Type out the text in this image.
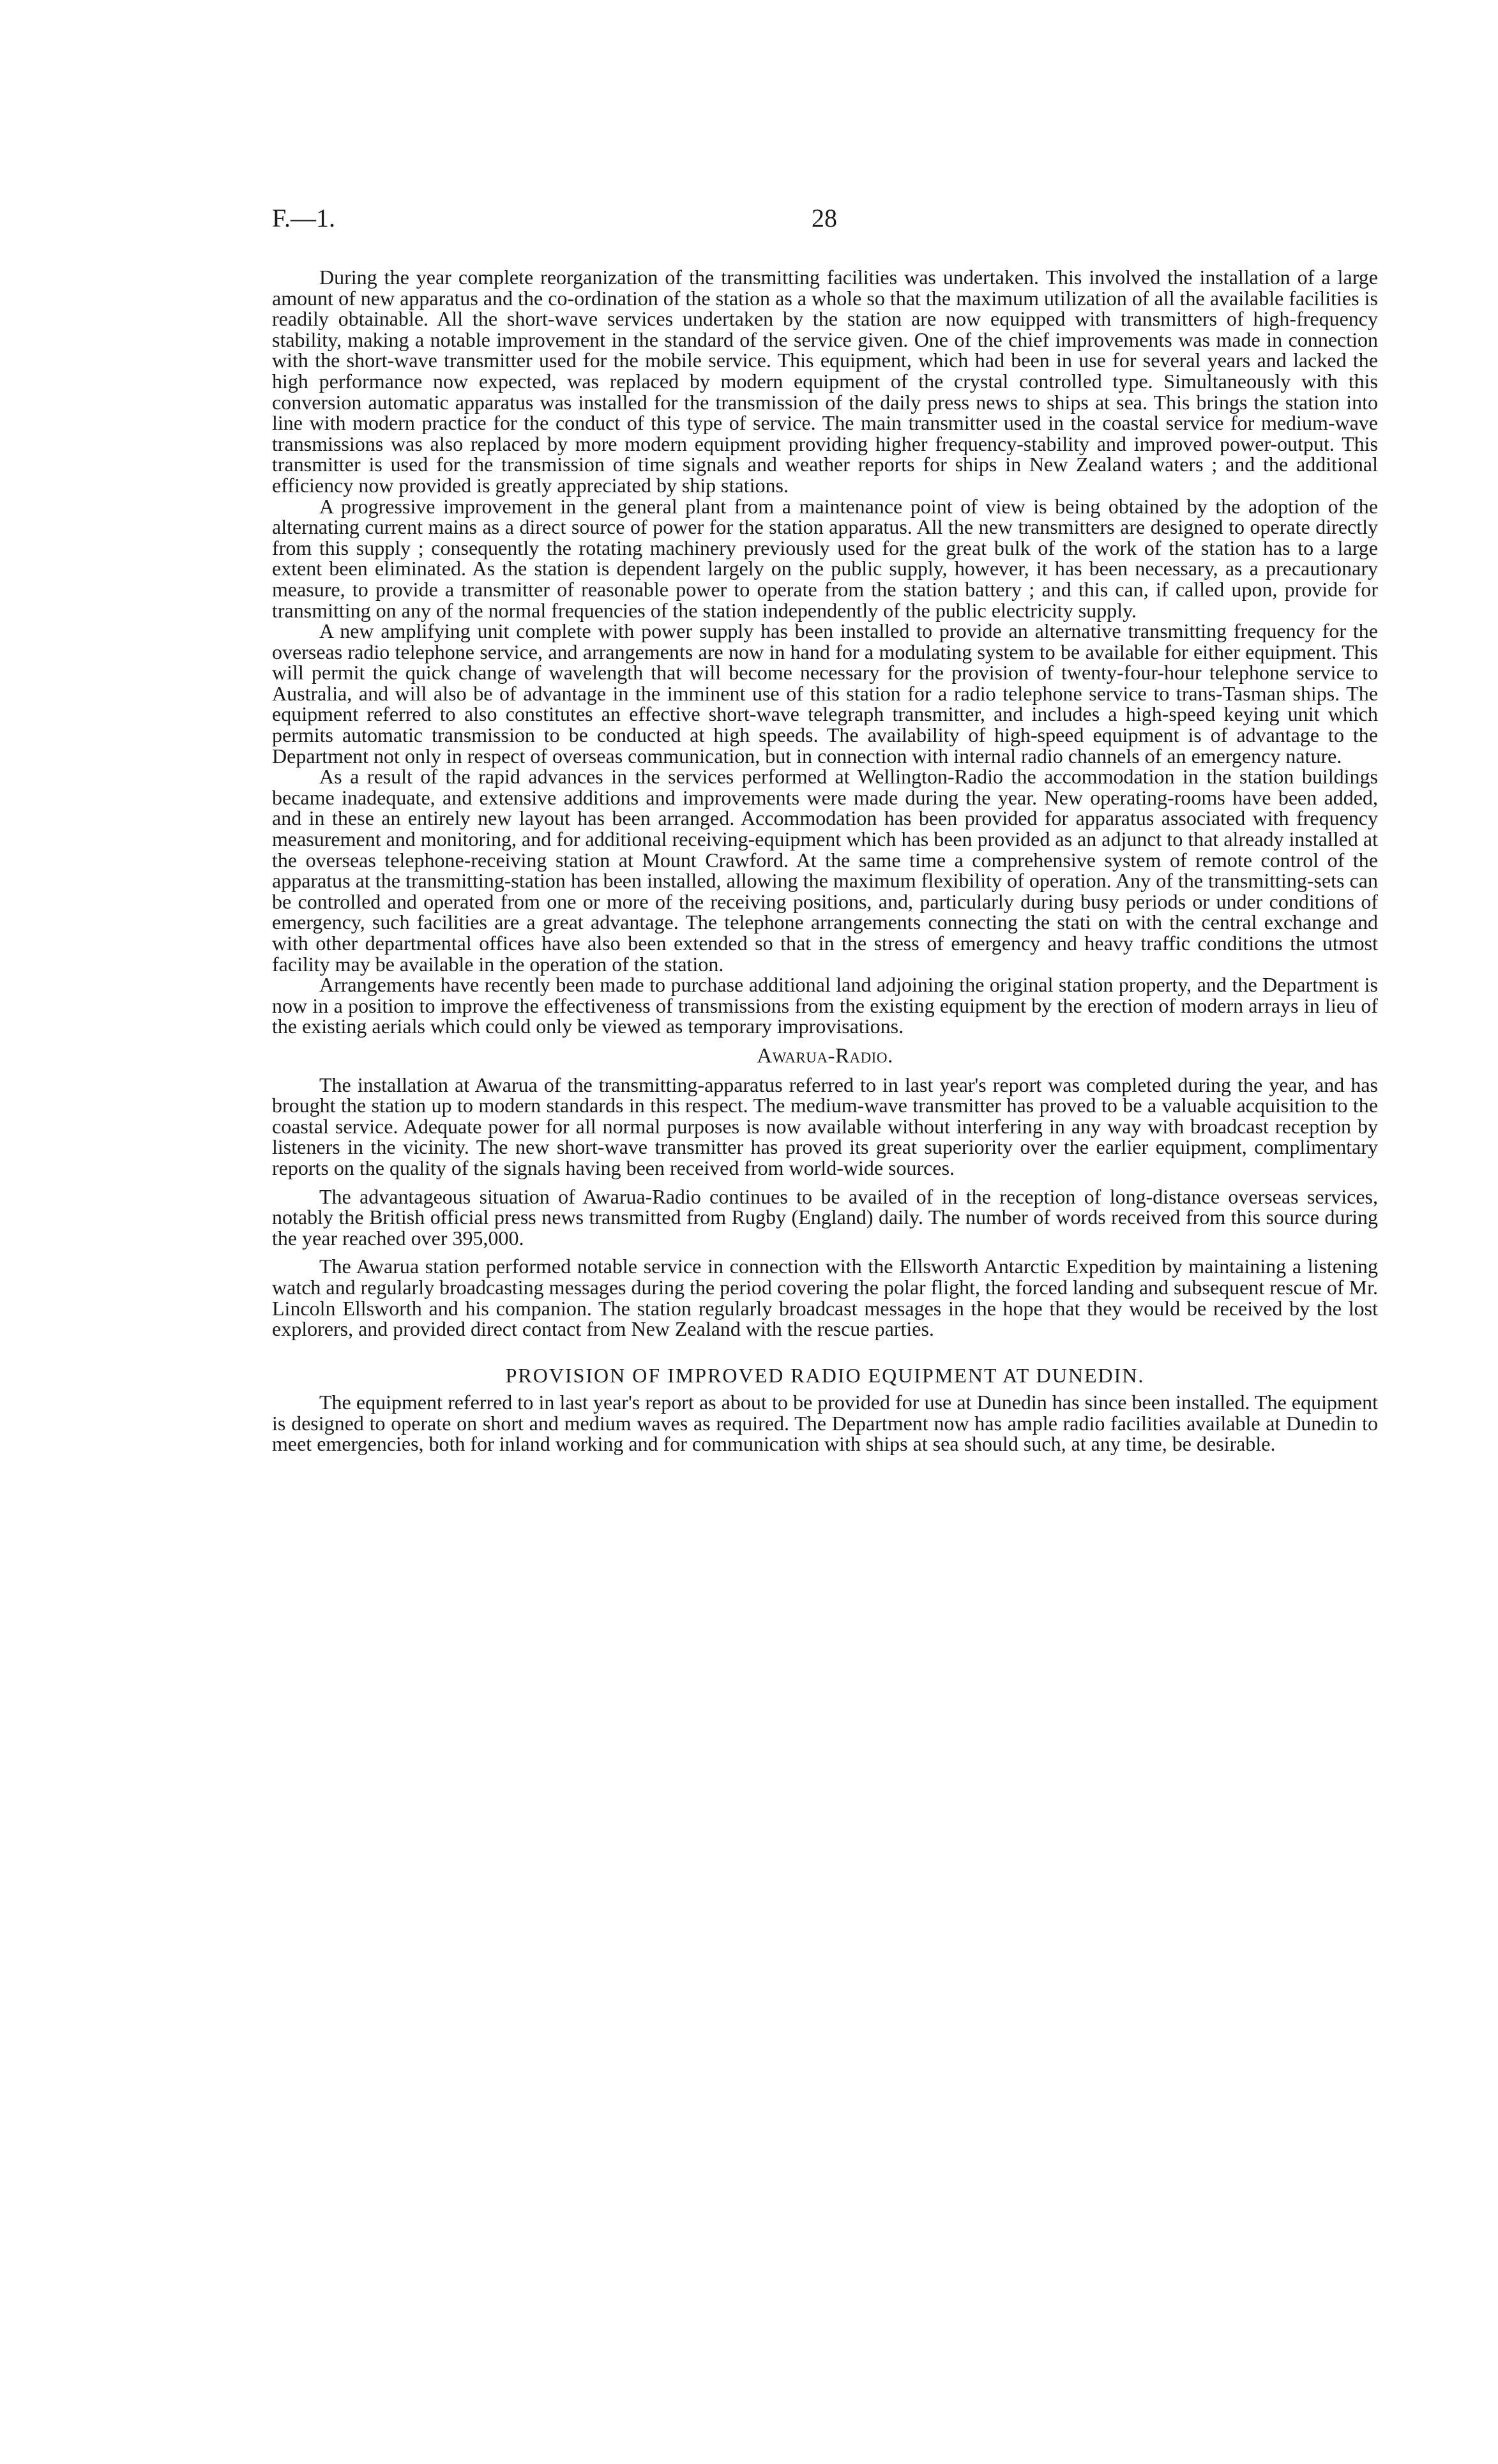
F.—1.	28

During the year complete reorganization of the transmitting facilities was undertaken. This involved the installation of a large amount of new apparatus and the co-ordination of the station as a whole so that the maximum utilization of all the available facilities is readily obtainable. All the short-wave services undertaken by the station are now equipped with transmitters of high-frequency stability, making a notable improvement in the standard of the service given. One of the chief improvements was made in connection with the short-wave transmitter used for the mobile service. This equipment, which had been in use for several years and lacked the high performance now expected, was replaced by modern equipment of the crystal controlled type. Simultaneously with this conversion automatic apparatus was installed for the transmission of the daily press news to ships at sea. This brings the station into line with modern practice for the conduct of this type of service. The main transmitter used in the coastal service for medium-wave transmissions was also replaced by more modern equipment providing higher frequency-stability and improved power-output. This transmitter is used for the transmission of time signals and weather reports for ships in New Zealand waters ; and the additional efficiency now provided is greatly appreciated by ship stations.

A progressive improvement in the general plant from a maintenance point of view is being obtained by the adoption of the alternating current mains as a direct source of power for the station apparatus. All the new transmitters are designed to operate directly from this supply ; consequently the rotating machinery previously used for the great bulk of the work of the station has to a large extent been eliminated. As the station is dependent largely on the public supply, however, it has been necessary, as a precautionary measure, to provide a transmitter of reasonable power to operate from the station battery ; and this can, if called upon, provide for transmitting on any of the normal frequencies of the station independently of the public electricity supply.

A new amplifying unit complete with power supply has been installed to provide an alternative transmitting frequency for the overseas radio telephone service, and arrangements are now in hand for a modulating system to be available for either equipment. This will permit the quick change of wavelength that will become necessary for the provision of twenty-four-hour telephone service to Australia, and will also be of advantage in the imminent use of this station for a radio telephone service to trans-Tasman ships. The equipment referred to also constitutes an effective short-wave telegraph transmitter, and includes a high-speed keying unit which permits automatic transmission to be conducted at high speeds. The availability of high-speed equipment is of advantage to the Department not only in respect of overseas communication, but in connection with internal radio channels of an emergency nature.

As a result of the rapid advances in the services performed at Wellington-Radio the accommodation in the station buildings became inadequate, and extensive additions and improvements were made during the year. New operating-rooms have been added, and in these an entirely new layout has been arranged. Accommodation has been provided for apparatus associated with frequency measurement and monitoring, and for additional receiving-equipment which has been provided as an adjunct to that already installed at the overseas telephone-receiving station at Mount Crawford. At the same time a comprehensive system of remote control of the apparatus at the transmitting-station has been installed, allowing the maximum flexibility of operation. Any of the transmitting-sets can be controlled and operated from one or more of the receiving positions, and, particularly during busy periods or under conditions of emergency, such facilities are a great advantage. The telephone arrangements connecting the stati on with the central exchange and with other departmental offices have also been extended so that in the stress of emergency and heavy traffic conditions the utmost facility may be available in the operation of the station.

Arrangements have recently been made to purchase additional land adjoining the original station property, and the Department is now in a position to improve the effectiveness of transmissions from the existing equipment by the erection of modern arrays in lieu of the existing aerials which could only be viewed as temporary improvisations.

Awarua-Radio.

The installation at Awarua of the transmitting-apparatus referred to in last year's report was completed during the year, and has brought the station up to modern standards in this respect. The medium-wave transmitter has proved to be a valuable acquisition to the coastal service. Adequate power for all normal purposes is now available without interfering in any way with broadcast reception by listeners in the vicinity. The new short-wave transmitter has proved its great superiority over the earlier equipment, complimentary reports on the quality of the signals having been received from world-wide sources.

The advantageous situation of Awarua-Radio continues to be availed of in the reception of long-distance overseas services, notably the British official press news transmitted from Rugby (England) daily. The number of words received from this source during the year reached over 395,000.

The Awarua station performed notable service in connection with the Ellsworth Antarctic Expedition by maintaining a listening watch and regularly broadcasting messages during the period covering the polar flight, the forced landing and subsequent rescue of Mr. Lincoln Ellsworth and his companion. The station regularly broadcast messages in the hope that they would be received by the lost explorers, and provided direct contact from New Zealand with the rescue parties.

PROVISION OF IMPROVED RADIO EQUIPMENT AT DUNEDIN.

The equipment referred to in last year's report as about to be provided for use at Dunedin has since been installed. The equipment is designed to operate on short and medium waves as required. The Department now has ample radio facilities available at Dunedin to meet emergencies, both for inland working and for communication with ships at sea should such, at any time, be desirable.
